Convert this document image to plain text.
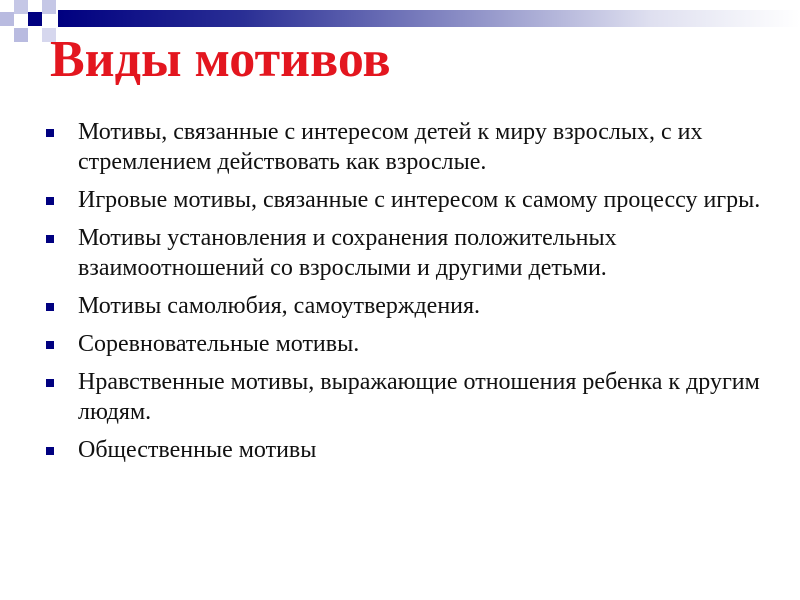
Виды мотивов
Мотивы, связанные с интересом детей к миру взрослых, с их стремлением действовать как взрослые.
Игровые мотивы, связанные с интересом к самому процессу игры.
Мотивы установления и сохранения положительных взаимоотношений со взрослыми и другими детьми.
Мотивы самолюбия, самоутверждения.
Соревновательные мотивы.
Нравственные мотивы, выражающие отношения ребенка к другим людям.
Общественные мотивы
